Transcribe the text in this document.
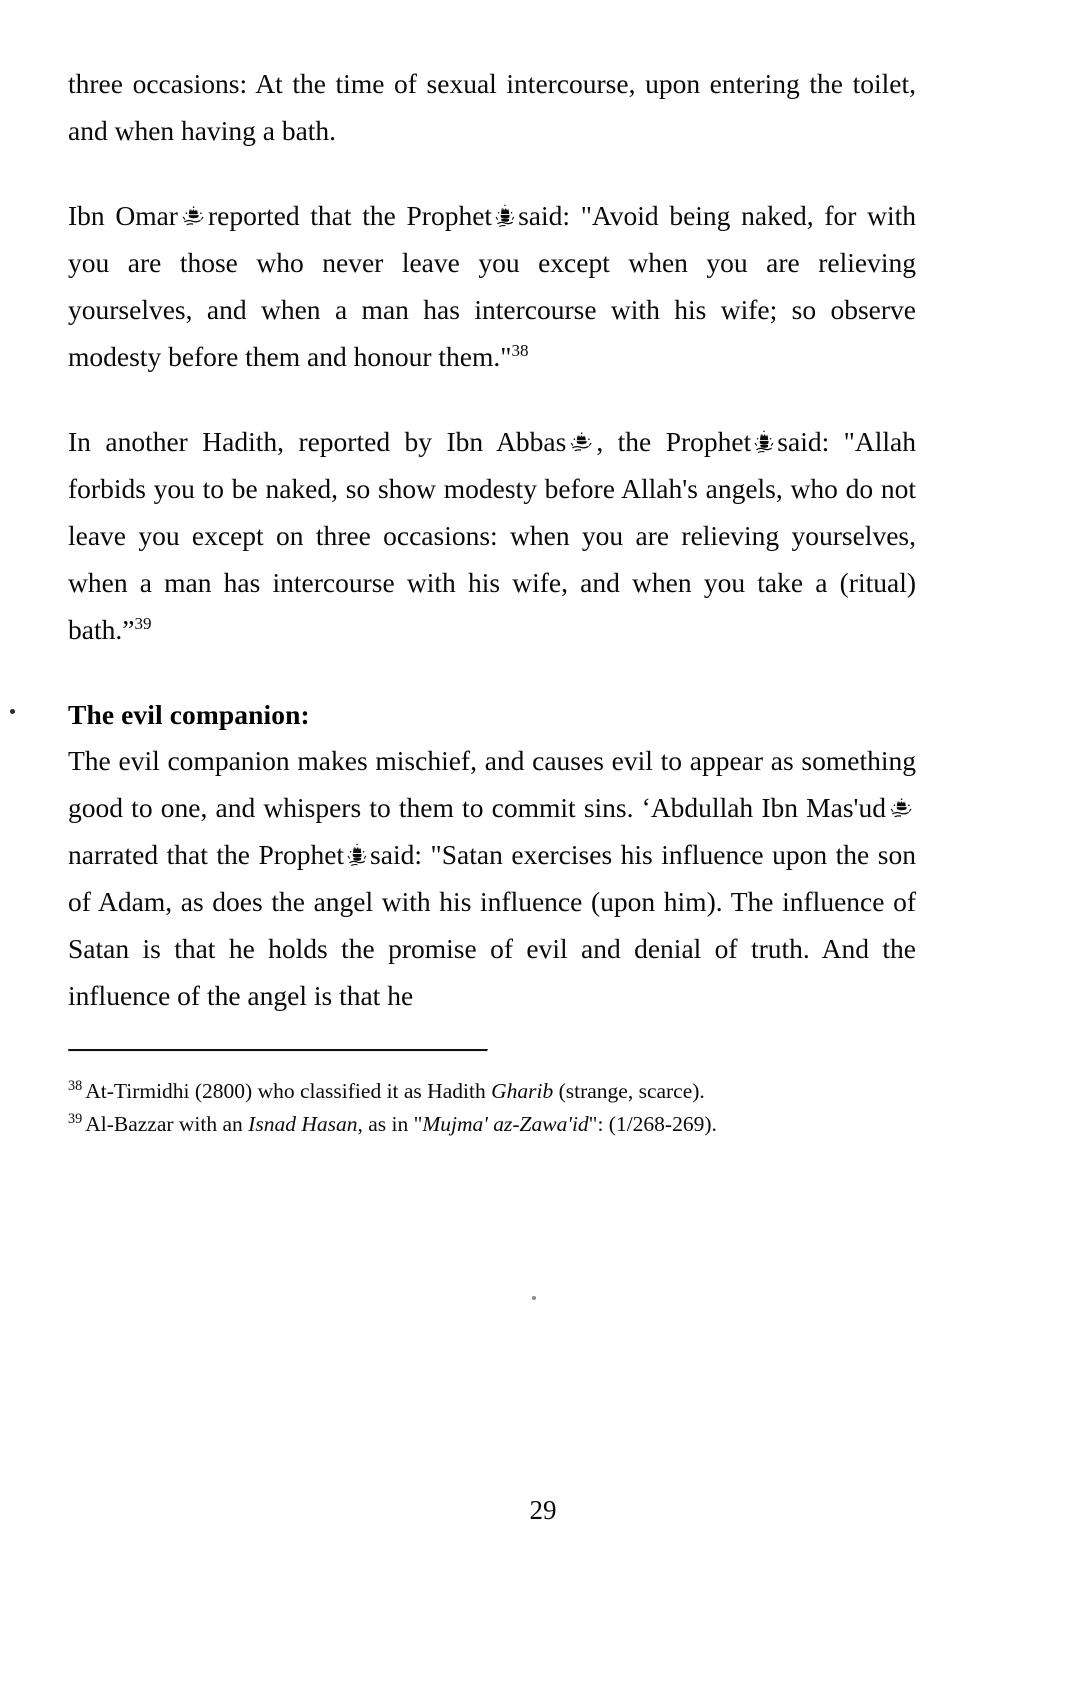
three occasions: At the time of sexual intercourse, upon entering the toilet, and when having a bath.

Ibn Omar reported that the Prophet said: "Avoid being naked, for with you are those who never leave you except when you are relieving yourselves, and when a man has intercourse with his wife; so observe modesty before them and honour them."$^{38}$

In another Hadith, reported by Ibn Abbas , the Prophet said: "Allah forbids you to be naked, so show modesty before Allah's angels, who do not leave you except on three occasions: when you are relieving yourselves, when a man has intercourse with his wife, and when you take a (ritual) bath.”$^{39}$

The evil companion:

The evil companion makes mischief, and causes evil to appear as something good to one, and whispers to them to commit sins. ‘Abdullah Ibn Mas'ud
narrated that the Prophet said: "Satan exercises his influence upon the son of Adam, as does the angel with his influence (upon him). The influence of Satan is that he holds the promise of evil and denial of truth. And the influence of the angel is that he

$^{38}$ At-Tirmidhi (2800) who classified it as Hadith Gharib (strange, scarce).

$^{39}$ Al-Bazzar with an Isnad Hasan, as in "Mujma' az-Zawa'id": (1/268-269).

29
